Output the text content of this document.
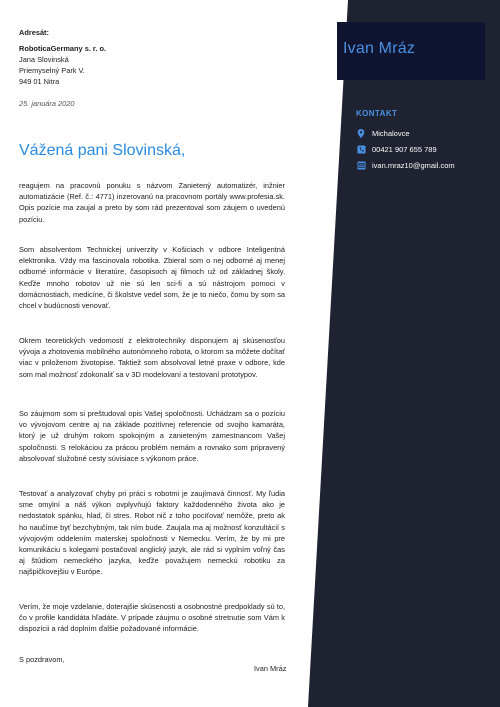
Ivan Mráz
KONTAKT
Michalovce
00421 907 655 789
ivan.mraz10@gmail.com
Adresát:
RoboticaGermany s. r. o.
Jana Slovinská
Priemyselný Park V.
949 01 Nitra
25. januára 2020
Vážená pani Slovinská,
reagujem na pracovnú ponuku s názvom Zanietený automatizér, inžnier automatizácie (Ref. č.: 4771) inzerovanú na pracovnom portály www.profesia.sk. Opis pozície ma zaujal a preto by som rád prezentoval som záujem o uvedenú pozíciu.
Som absolventom Technickej univerzity v Košiciach v odbore Inteligentná elektronika. Vždy ma fascinovala robotika. Zbieral som o nej odborné aj menej odborné informácie v literatúre, časopisoch aj filmoch už od základnej školy. Keďže mnoho robotov už nie sú len sci-fi a sú nástrojom pomoci v domácnostiach, medicíne, či školstve vedel som, že je to niečo, čomu by som sa chcel v budúcnosti venovať.
Okrem teoretických vedomostí z elektrotechniky disponujem aj skúsenosťou vývoja a zhotovenia mobilného autonómneho robota, o ktorom sa môžete dočítať viac v priloženom životopise. Taktiež som absolvoval letné praxe v odbore, kde som mal možnosť zdokonaliť sa v 3D modelovaní a testovaní prototypov.
So záujmom som si preštudoval opis Vašej spoločnosti. Uchádzam sa o pozíciu vo vývojovom centre aj na základe pozitívnej referencie od svojho kamaráta, ktorý je už druhým rokom spokojným a zanieteným zamestnancom Vašej spoločnosti. S relokáciou za prácou problém nemám a rovnako som pripravený absolvovať služobné cesty súvisiace s výkonom práce.
Testovať a analyzovať chyby pri práci s robotmi je zaujímavá činnosť. My ľudia sme omylní a náš výkon ovplyvňujú faktory každodenného života ako je nedostatok spánku, hlad, či stres. Robot nič z toho pociťovať nemôže, preto ak ho naučíme byť bezchybným, tak ním bude. Zaujala ma aj možnosť konzultácií s vývojovým oddelením materskej spoločnosti v Nemecku. Verím, že by mi pre komunikáciu s kolegami postačoval anglický jazyk, ale rád si vyplním voľný čas aj štúdiom nemeckého jazyka, keďže považujem nemeckú robotiku za najšpičkovejšiu v Európe.
Verím, že moje vzdelanie, doterajšie skúsenosti a osobnostné predpoklady sú to, čo v profile kandidáta hľadáte. V prípade záujmu o osobné stretnutie som Vám k dispozícii a rád doplním ďalšie požadované informácie.
S pozdravom,
Ivan Mráz
